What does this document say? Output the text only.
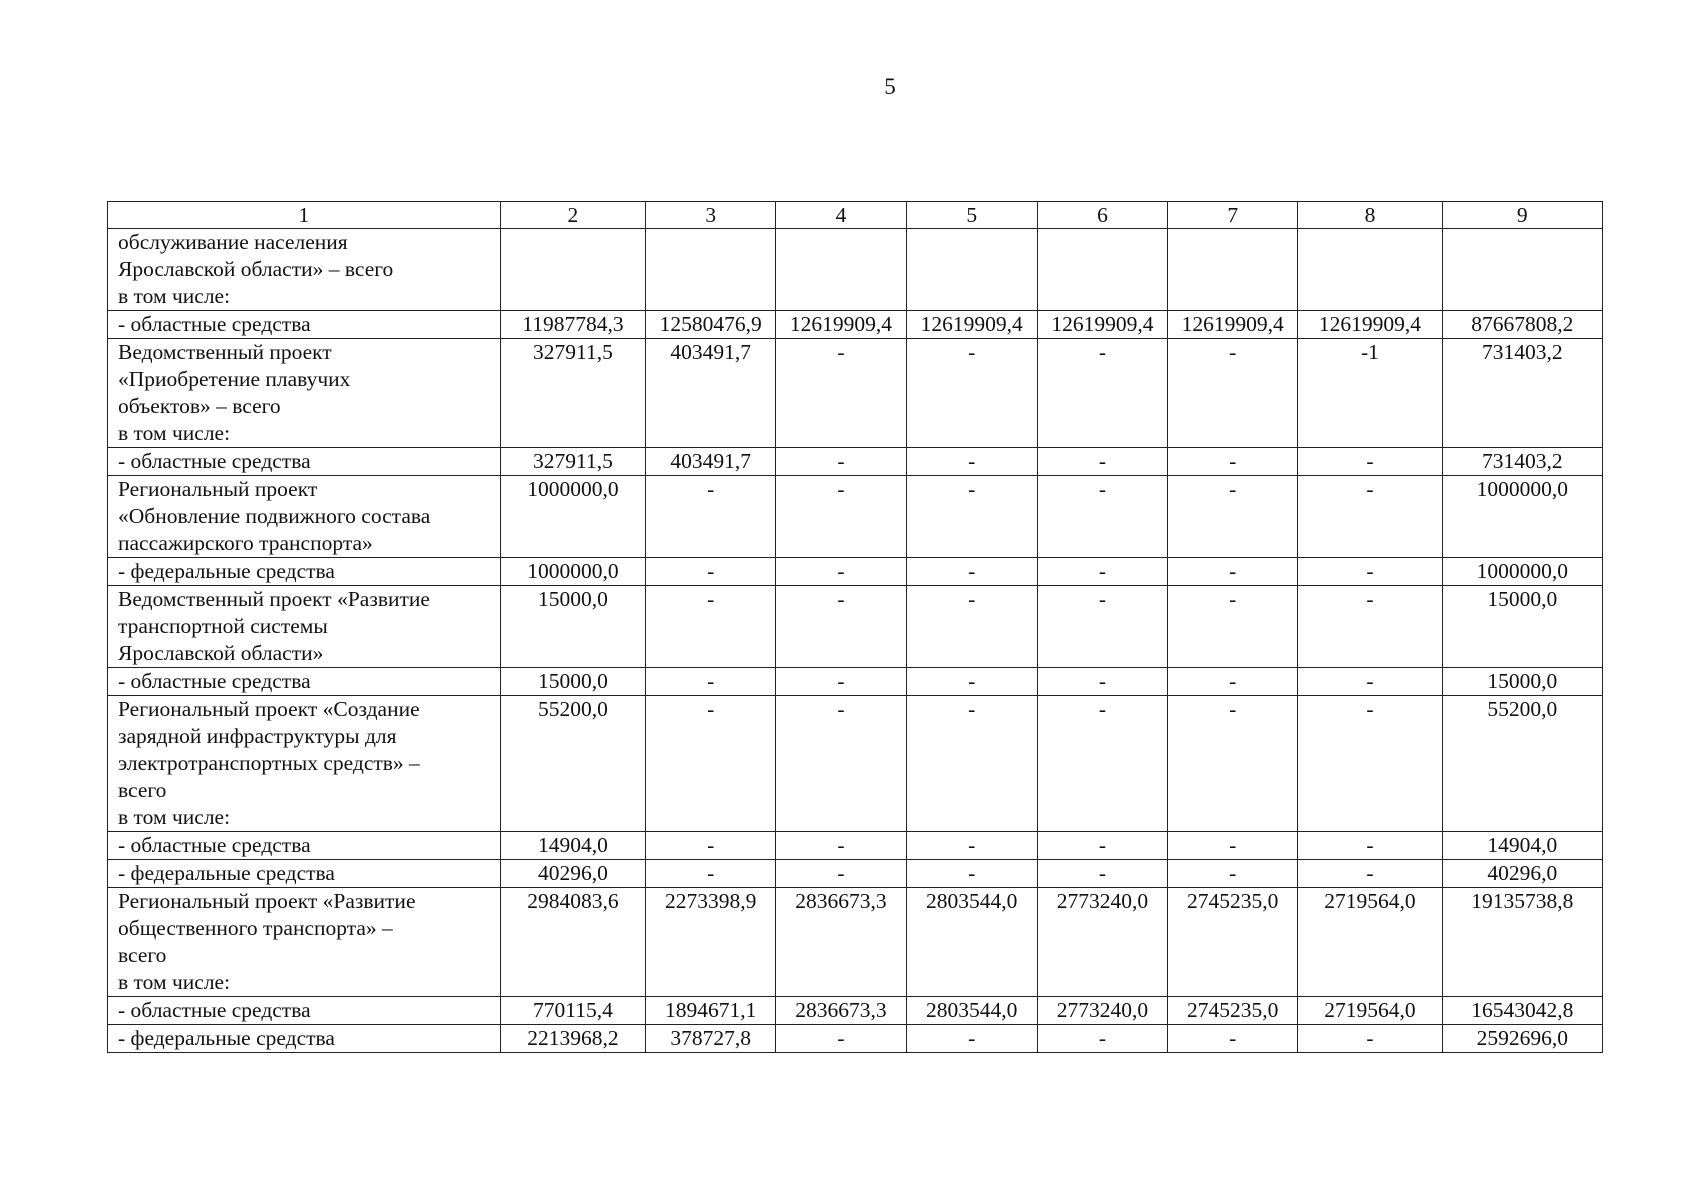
5
1	2	3	4	5	6	7	8	9

обслуживание населения
Ярославской области» – всего
в том числе:								

- областные средства	11987784,3	12580476,9	12619909,4	12619909,4	12619909,4	12619909,4	12619909,4	87667808,2

Ведомственный проект
«Приобретение плавучих
объектов» – всего
в том числе:	327911,5	403491,7	-	-	-	-	-1	731403,2

- областные средства	327911,5	403491,7	-	-	-	-	-	731403,2

Региональный проект
«Обновление подвижного состава
пассажирского транспорта»	1000000,0	-	-	-	-	-	-	1000000,0

- федеральные средства	1000000,0	-	-	-	-	-	-	1000000,0

Ведомственный проект «Развитие
транспортной системы
Ярославской области»	15000,0	-	-	-	-	-	-	15000,0

- областные средства	15000,0	-	-	-	-	-	-	15000,0

Региональный проект «Создание
зарядной инфраструктуры для
электротранспортных средств» –
всего
в том числе:	55200,0	-	-	-	-	-	-	55200,0

- областные средства	14904,0	-	-	-	-	-	-	14904,0

- федеральные средства	40296,0	-	-	-	-	-	-	40296,0

Региональный проект «Развитие
общественного транспорта» –
всего
в том числе:	2984083,6	2273398,9	2836673,3	2803544,0	2773240,0	2745235,0	2719564,0	19135738,8

- областные средства	770115,4	1894671,1	2836673,3	2803544,0	2773240,0	2745235,0	2719564,0	16543042,8

- федеральные средства	2213968,2	378727,8	-	-	-	-	-	2592696,0
